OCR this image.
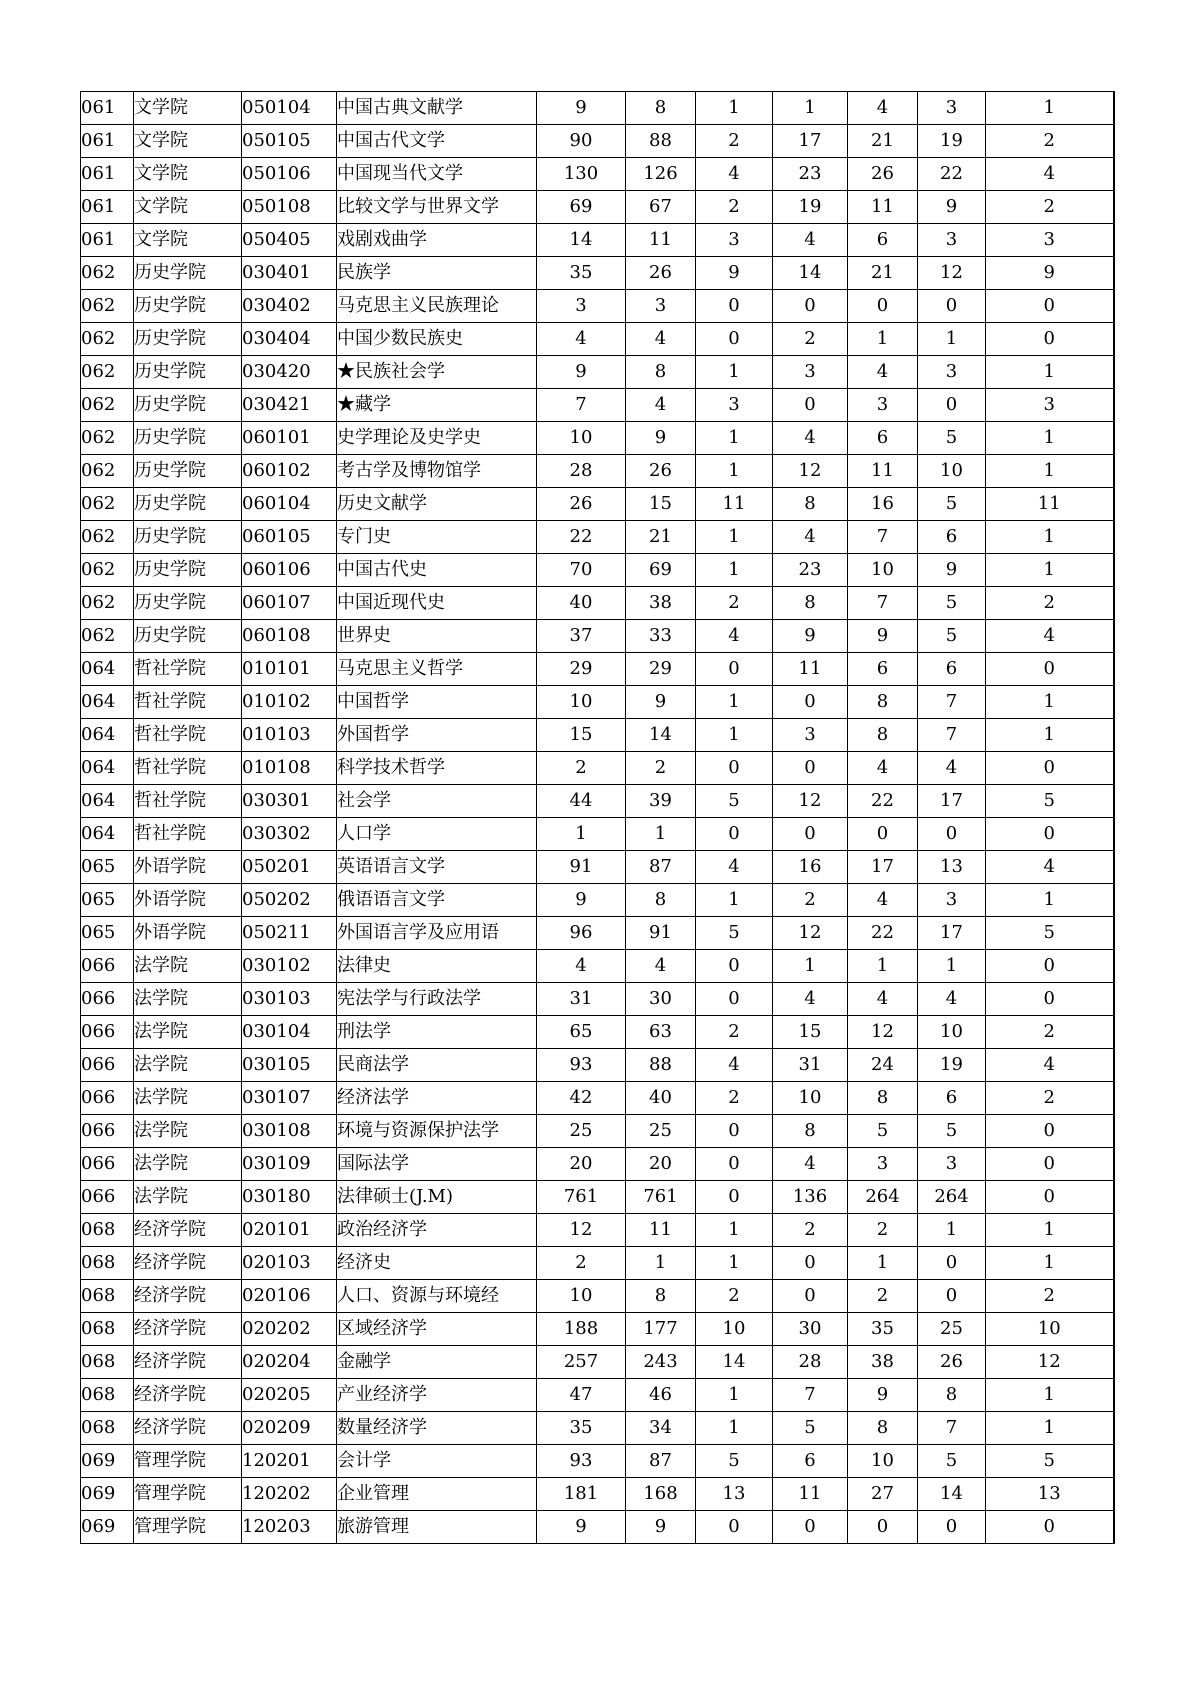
061	文学院	050104	中国古典文献学	9	8	1	1	4	3	1
061	文学院	050105	中国古代文学	90	88	2	17	21	19	2
061	文学院	050106	中国现当代文学	130	126	4	23	26	22	4
061	文学院	050108	比较文学与世界文学	69	67	2	19	11	9	2
061	文学院	050405	戏剧戏曲学	14	11	3	4	6	3	3
062	历史学院	030401	民族学	35	26	9	14	21	12	9
062	历史学院	030402	马克思主义民族理论	3	3	0	0	0	0	0
062	历史学院	030404	中国少数民族史	4	4	0	2	1	1	0
062	历史学院	030420	★民族社会学	9	8	1	3	4	3	1
062	历史学院	030421	★藏学	7	4	3	0	3	0	3
062	历史学院	060101	史学理论及史学史	10	9	1	4	6	5	1
062	历史学院	060102	考古学及博物馆学	28	26	1	12	11	10	1
062	历史学院	060104	历史文献学	26	15	11	8	16	5	11
062	历史学院	060105	专门史	22	21	1	4	7	6	1
062	历史学院	060106	中国古代史	70	69	1	23	10	9	1
062	历史学院	060107	中国近现代史	40	38	2	8	7	5	2
062	历史学院	060108	世界史	37	33	4	9	9	5	4
064	哲社学院	010101	马克思主义哲学	29	29	0	11	6	6	0
064	哲社学院	010102	中国哲学	10	9	1	0	8	7	1
064	哲社学院	010103	外国哲学	15	14	1	3	8	7	1
064	哲社学院	010108	科学技术哲学	2	2	0	0	4	4	0
064	哲社学院	030301	社会学	44	39	5	12	22	17	5
064	哲社学院	030302	人口学	1	1	0	0	0	0	0
065	外语学院	050201	英语语言文学	91	87	4	16	17	13	4
065	外语学院	050202	俄语语言文学	9	8	1	2	4	3	1
065	外语学院	050211	外国语言学及应用语	96	91	5	12	22	17	5
066	法学院	030102	法律史	4	4	0	1	1	1	0
066	法学院	030103	宪法学与行政法学	31	30	0	4	4	4	0
066	法学院	030104	刑法学	65	63	2	15	12	10	2
066	法学院	030105	民商法学	93	88	4	31	24	19	4
066	法学院	030107	经济法学	42	40	2	10	8	6	2
066	法学院	030108	环境与资源保护法学	25	25	0	8	5	5	0
066	法学院	030109	国际法学	20	20	0	4	3	3	0
066	法学院	030180	法律硕士(J.M)	761	761	0	136	264	264	0
068	经济学院	020101	政治经济学	12	11	1	2	2	1	1
068	经济学院	020103	经济史	2	1	1	0	1	0	1
068	经济学院	020106	人口、资源与环境经	10	8	2	0	2	0	2
068	经济学院	020202	区域经济学	188	177	10	30	35	25	10
068	经济学院	020204	金融学	257	243	14	28	38	26	12
068	经济学院	020205	产业经济学	47	46	1	7	9	8	1
068	经济学院	020209	数量经济学	35	34	1	5	8	7	1
069	管理学院	120201	会计学	93	87	5	6	10	5	5
069	管理学院	120202	企业管理	181	168	13	11	27	14	13
069	管理学院	120203	旅游管理	9	9	0	0	0	0	0
